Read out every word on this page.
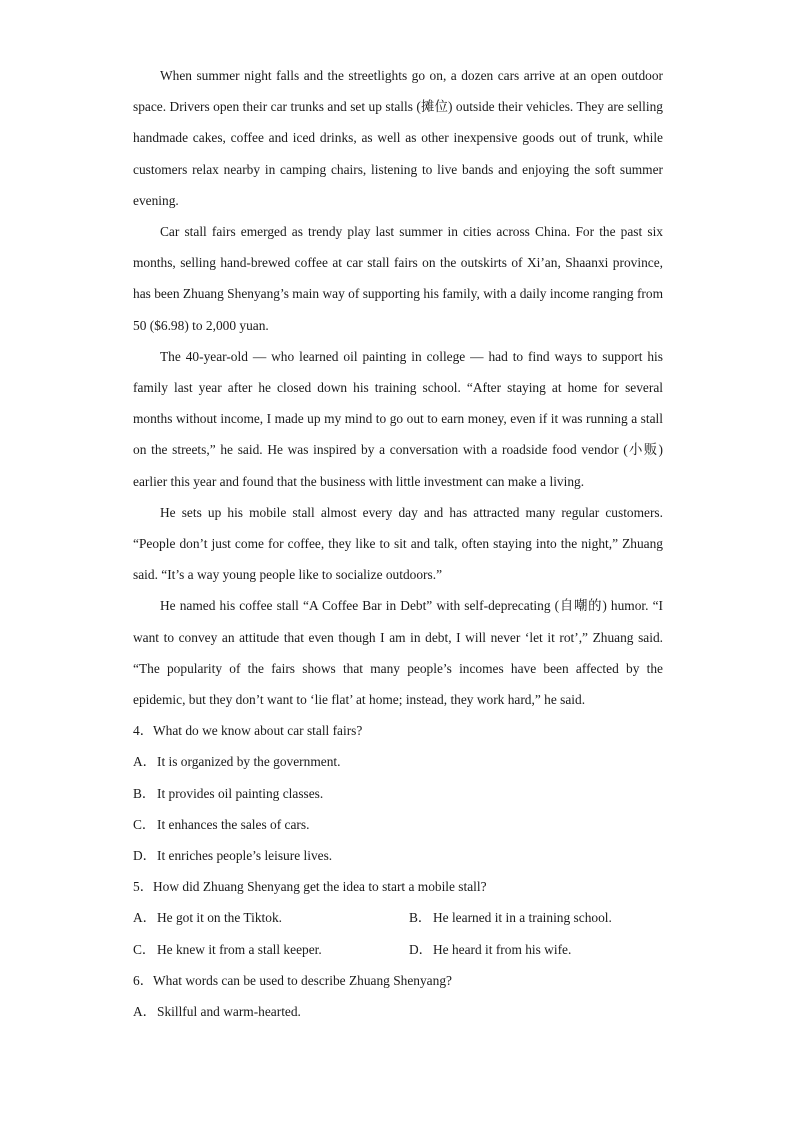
When summer night falls and the streetlights go on, a dozen cars arrive at an open outdoor space. Drivers open their car trunks and set up stalls (摊位) outside their vehicles. They are selling handmade cakes, coffee and iced drinks, as well as other inexpensive goods out of trunk, while customers relax nearby in camping chairs, listening to live bands and enjoying the soft summer evening.

Car stall fairs emerged as trendy play last summer in cities across China. For the past six months, selling hand-brewed coffee at car stall fairs on the outskirts of Xi’an, Shaanxi province, has been Zhuang Shenyang’s main way of supporting his family, with a daily income ranging from 50 ($6.98) to 2,000 yuan.

The 40-year-old — who learned oil painting in college — had to find ways to support his family last year after he closed down his training school. “After staying at home for several months without income, I made up my mind to go out to earn money, even if it was running a stall on the streets,” he said. He was inspired by a conversation with a roadside food vendor (小贩) earlier this year and found that the business with little investment can make a living.

He sets up his mobile stall almost every day and has attracted many regular customers. “People don’t just come for coffee, they like to sit and talk, often staying into the night,” Zhuang said. “It’s a way young people like to socialize outdoors.”

He named his coffee stall “A Coffee Bar in Debt” with self-deprecating (自嘲的) humor. “I want to convey an attitude that even though I am in debt, I will never ‘let it rot’,” Zhuang said. “The popularity of the fairs shows that many people’s incomes have been affected by the epidemic, but they don’t want to ‘lie flat’ at home; instead, they work hard,” he said.

4．What do we know about car stall fairs?

A．It is organized by the government.

B． It provides oil painting classes.

C． It enhances the sales of cars.

D．It enriches people’s leisure lives.

5．How did Zhuang Shenyang get the idea to start a mobile stall?

A．He got it on the Tiktok.	B． He learned it in a training school.

C． He knew it from a stall keeper.	D．He heard it from his wife.

6．What words can be used to describe Zhuang Shenyang?

A．Skillful and warm-hearted.
